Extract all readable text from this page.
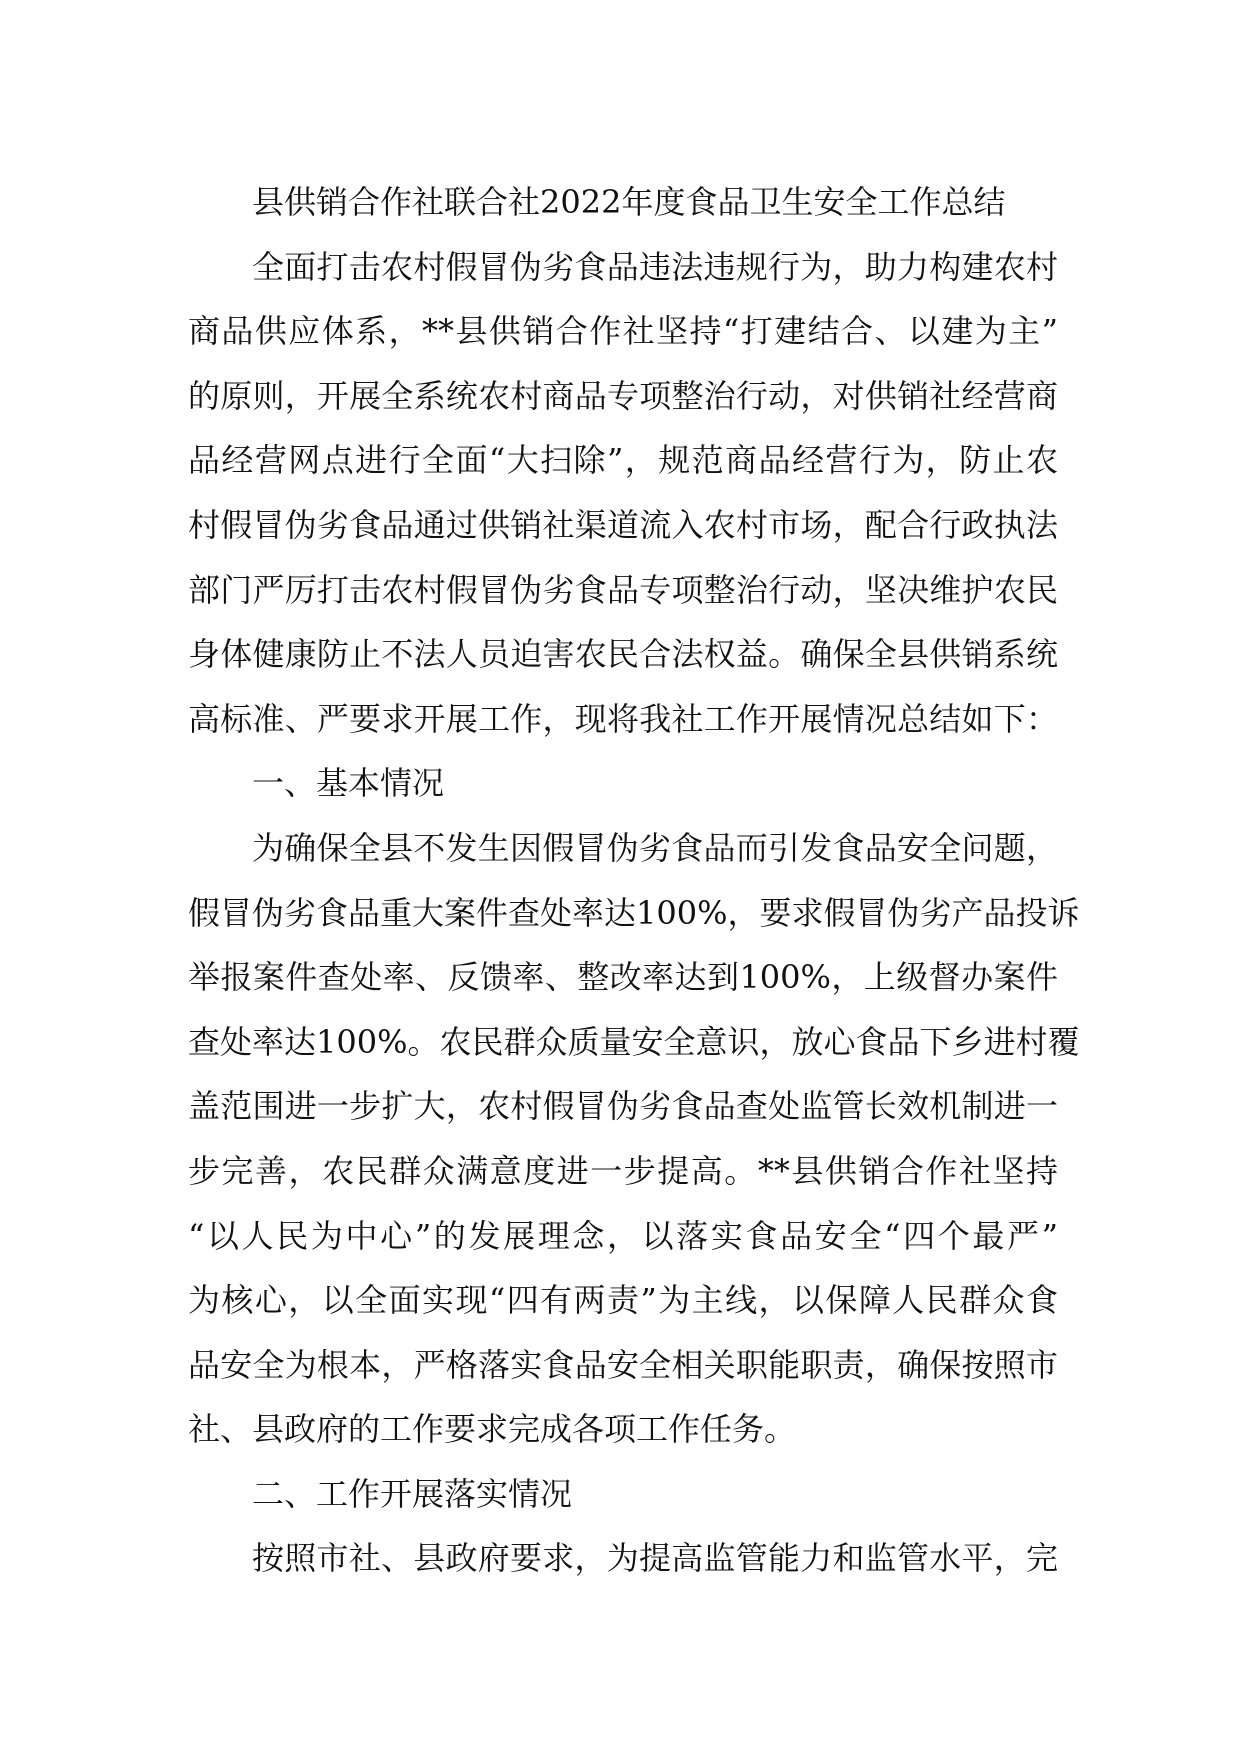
县供销合作社联合社2022年度食品卫生安全工作总结
全面打击农村假冒伪劣食品违法违规行为，助力构建农村
商品供应体系，**县供销合作社坚持“打建结合、以建为主”
的原则，开展全系统农村商品专项整治行动，对供销社经营商
品经营网点进行全面“大扫除”，规范商品经营行为，防止农
村假冒伪劣食品通过供销社渠道流入农村市场，配合行政执法
部门严厉打击农村假冒伪劣食品专项整治行动，坚决维护农民
身体健康防止不法人员迫害农民合法权益。确保全县供销系统
高标准、严要求开展工作，现将我社工作开展情况总结如下：
一、基本情况
为确保全县不发生因假冒伪劣食品而引发食品安全问题，
假冒伪劣食品重大案件查处率达100%，要求假冒伪劣产品投诉
举报案件查处率、反馈率、整改率达到100%，上级督办案件
查处率达100%。农民群众质量安全意识，放心食品下乡进村覆
盖范围进一步扩大，农村假冒伪劣食品查处监管长效机制进一
步完善，农民群众满意度进一步提高。**县供销合作社坚持
“以人民为中心”的发展理念，以落实食品安全“四个最严”
为核心，以全面实现“四有两责”为主线，以保障人民群众食
品安全为根本，严格落实食品安全相关职能职责，确保按照市
社、县政府的工作要求完成各项工作任务。
二、工作开展落实情况
按照市社、县政府要求，为提高监管能力和监管水平，完
